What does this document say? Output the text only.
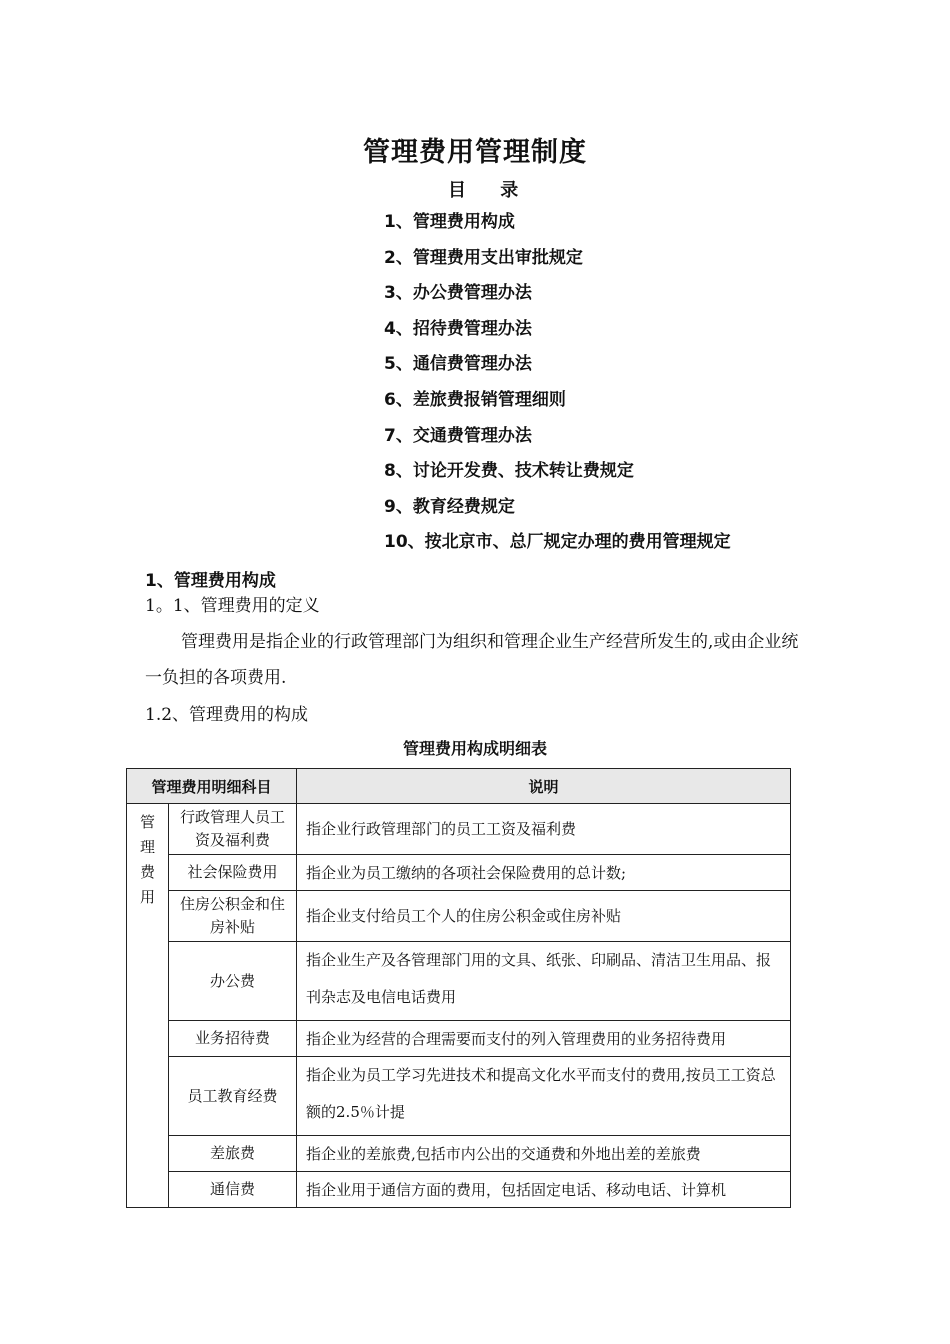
管理费用管理制度
目 录
1、管理费用构成
2、管理费用支出审批规定
3、办公费管理办法
4、招待费管理办法
5、通信费管理办法
6、差旅费报销管理细则
7、交通费管理办法
8、讨论开发费、技术转让费规定
9、教育经费规定
10、按北京市、总厂规定办理的费用管理规定
1、管理费用构成
1。1、管理费用的定义

管理费用是指企业的行政管理部门为组织和管理企业生产经营所发生的,或由企业统一负担的各项费用.

1.2、管理费用的构成
管理费用构成明细表
管理费用明细科目		说明

管
理
费
用	行政管理人员工资及福利费	指企业行政管理部门的员工工资及福利费
	社会保险费用	指企业为员工缴纳的各项社会保险费用的总计数;
	住房公积金和住房补贴	指企业支付给员工个人的住房公积金或住房补贴
	办公费	指企业生产及各管理部门用的文具、纸张、印刷品、清洁卫生用品、报刊杂志及电信电话费用
	业务招待费	指企业为经营的合理需要而支付的列入管理费用的业务招待费用
	员工教育经费	指企业为员工学习先进技术和提高文化水平而支付的费用,按员工工资总额的2.5％计提
	差旅费	指企业的差旅费,包括市内公出的交通费和外地出差的差旅费
	通信费	指企业用于通信方面的费用，包括固定电话、移动电话、计算机
